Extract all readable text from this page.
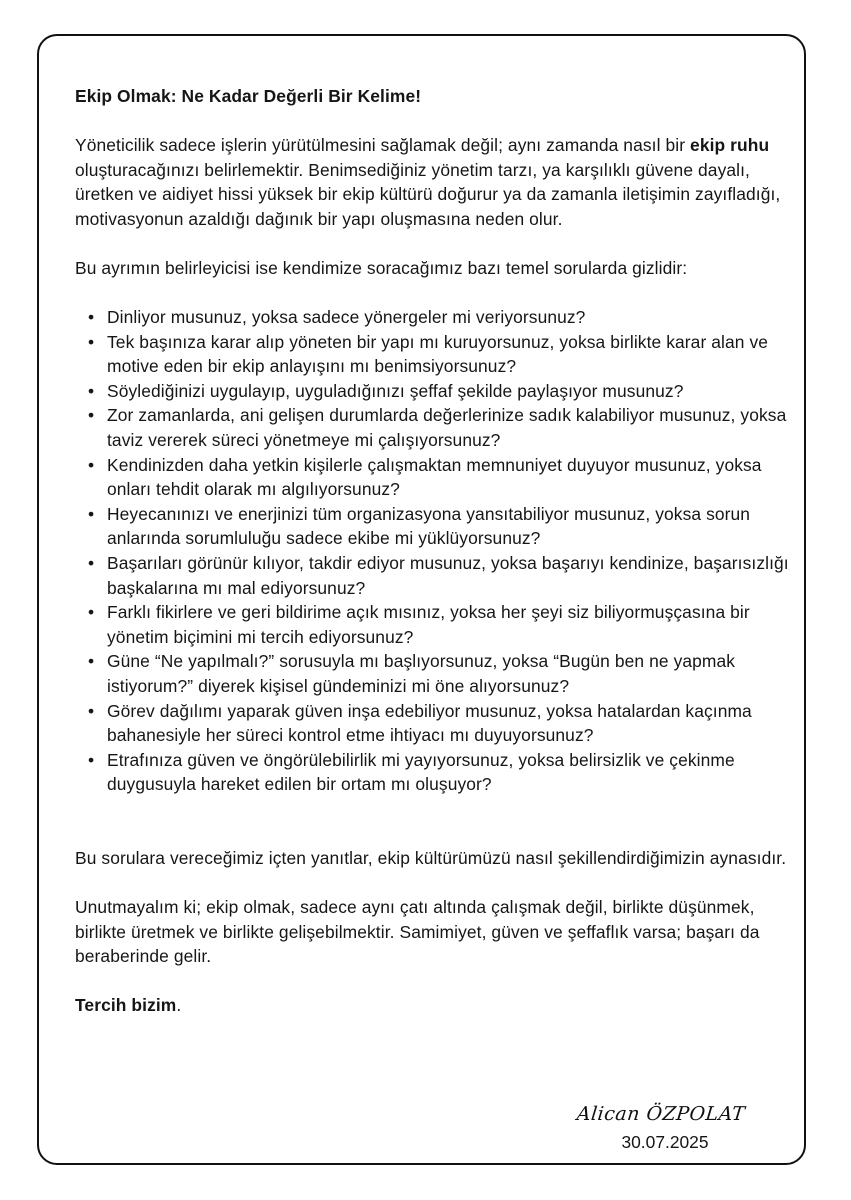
Ekip Olmak: Ne Kadar Değerli Bir Kelime!

Yöneticilik sadece işlerin yürütülmesini sağlamak değil; aynı zamanda nasıl bir ekip ruhu oluşturacağınızı belirlemektir. Benimsediğiniz yönetim tarzı, ya karşılıklı güvene dayalı, üretken ve aidiyet hissi yüksek bir ekip kültürü doğurur ya da zamanla iletişimin zayıfladığı, motivasyonun azaldığı dağınık bir yapı oluşmasına neden olur.

Bu ayrımın belirleyicisi ise kendimize soracağımız bazı temel sorularda gizlidir:

• Dinliyor musunuz, yoksa sadece yönergeler mi veriyorsunuz?
• Tek başınıza karar alıp yöneten bir yapı mı kuruyorsunuz, yoksa birlikte karar alan ve motive eden bir ekip anlayışını mı benimsiyorsunuz?
• Söylediğinizi uygulayıp, uyguladığınızı şeffaf şekilde paylaşıyor musunuz?
• Zor zamanlarda, ani gelişen durumlarda değerlerinize sadık kalabiliyor musunuz, yoksa taviz vererek süreci yönetmeye mi çalışıyorsunuz?
• Kendinizden daha yetkin kişilerle çalışmaktan memnuniyet duyuyor musunuz, yoksa onları tehdit olarak mı algılıyorsunuz?
• Heyecanınızı ve enerjinizi tüm organizasyona yansıtabiliyor musunuz, yoksa sorun anlarında sorumluluğu sadece ekibe mi yüklüyorsunuz?
• Başarıları görünür kılıyor, takdir ediyor musunuz, yoksa başarıyı kendinize, başarısızlığı başkalarına mı mal ediyorsunuz?
• Farklı fikirlere ve geri bildirime açık mısınız, yoksa her şeyi siz biliyormuşçasına bir yönetim biçimini mi tercih ediyorsunuz?
• Güne “Ne yapılmalı?” sorusuyla mı başlıyorsunuz, yoksa “Bugün ben ne yapmak istiyorum?” diyerek kişisel gündeminizi mi öne alıyorsunuz?
• Görev dağılımı yaparak güven inşa edebiliyor musunuz, yoksa hatalardan kaçınma bahanesiyle her süreci kontrol etme ihtiyacı mı duyuyorsunuz?
• Etrafınıza güven ve öngörülebilirlik mi yayıyorsunuz, yoksa belirsizlik ve çekinme duygusuyla hareket edilen bir ortam mı oluşuyor?

Bu sorulara vereceğimiz içten yanıtlar, ekip kültürümüzü nasıl şekillendirdiğimizin aynasıdır.

Unutmayalım ki; ekip olmak, sadece aynı çatı altında çalışmak değil, birlikte düşünmek, birlikte üretmek ve birlikte gelişebilmektir. Samimiyet, güven ve şeffaflık varsa; başarı da beraberinde gelir.

Tercih bizim.

Alican ÖZPOLAT
30.07.2025
